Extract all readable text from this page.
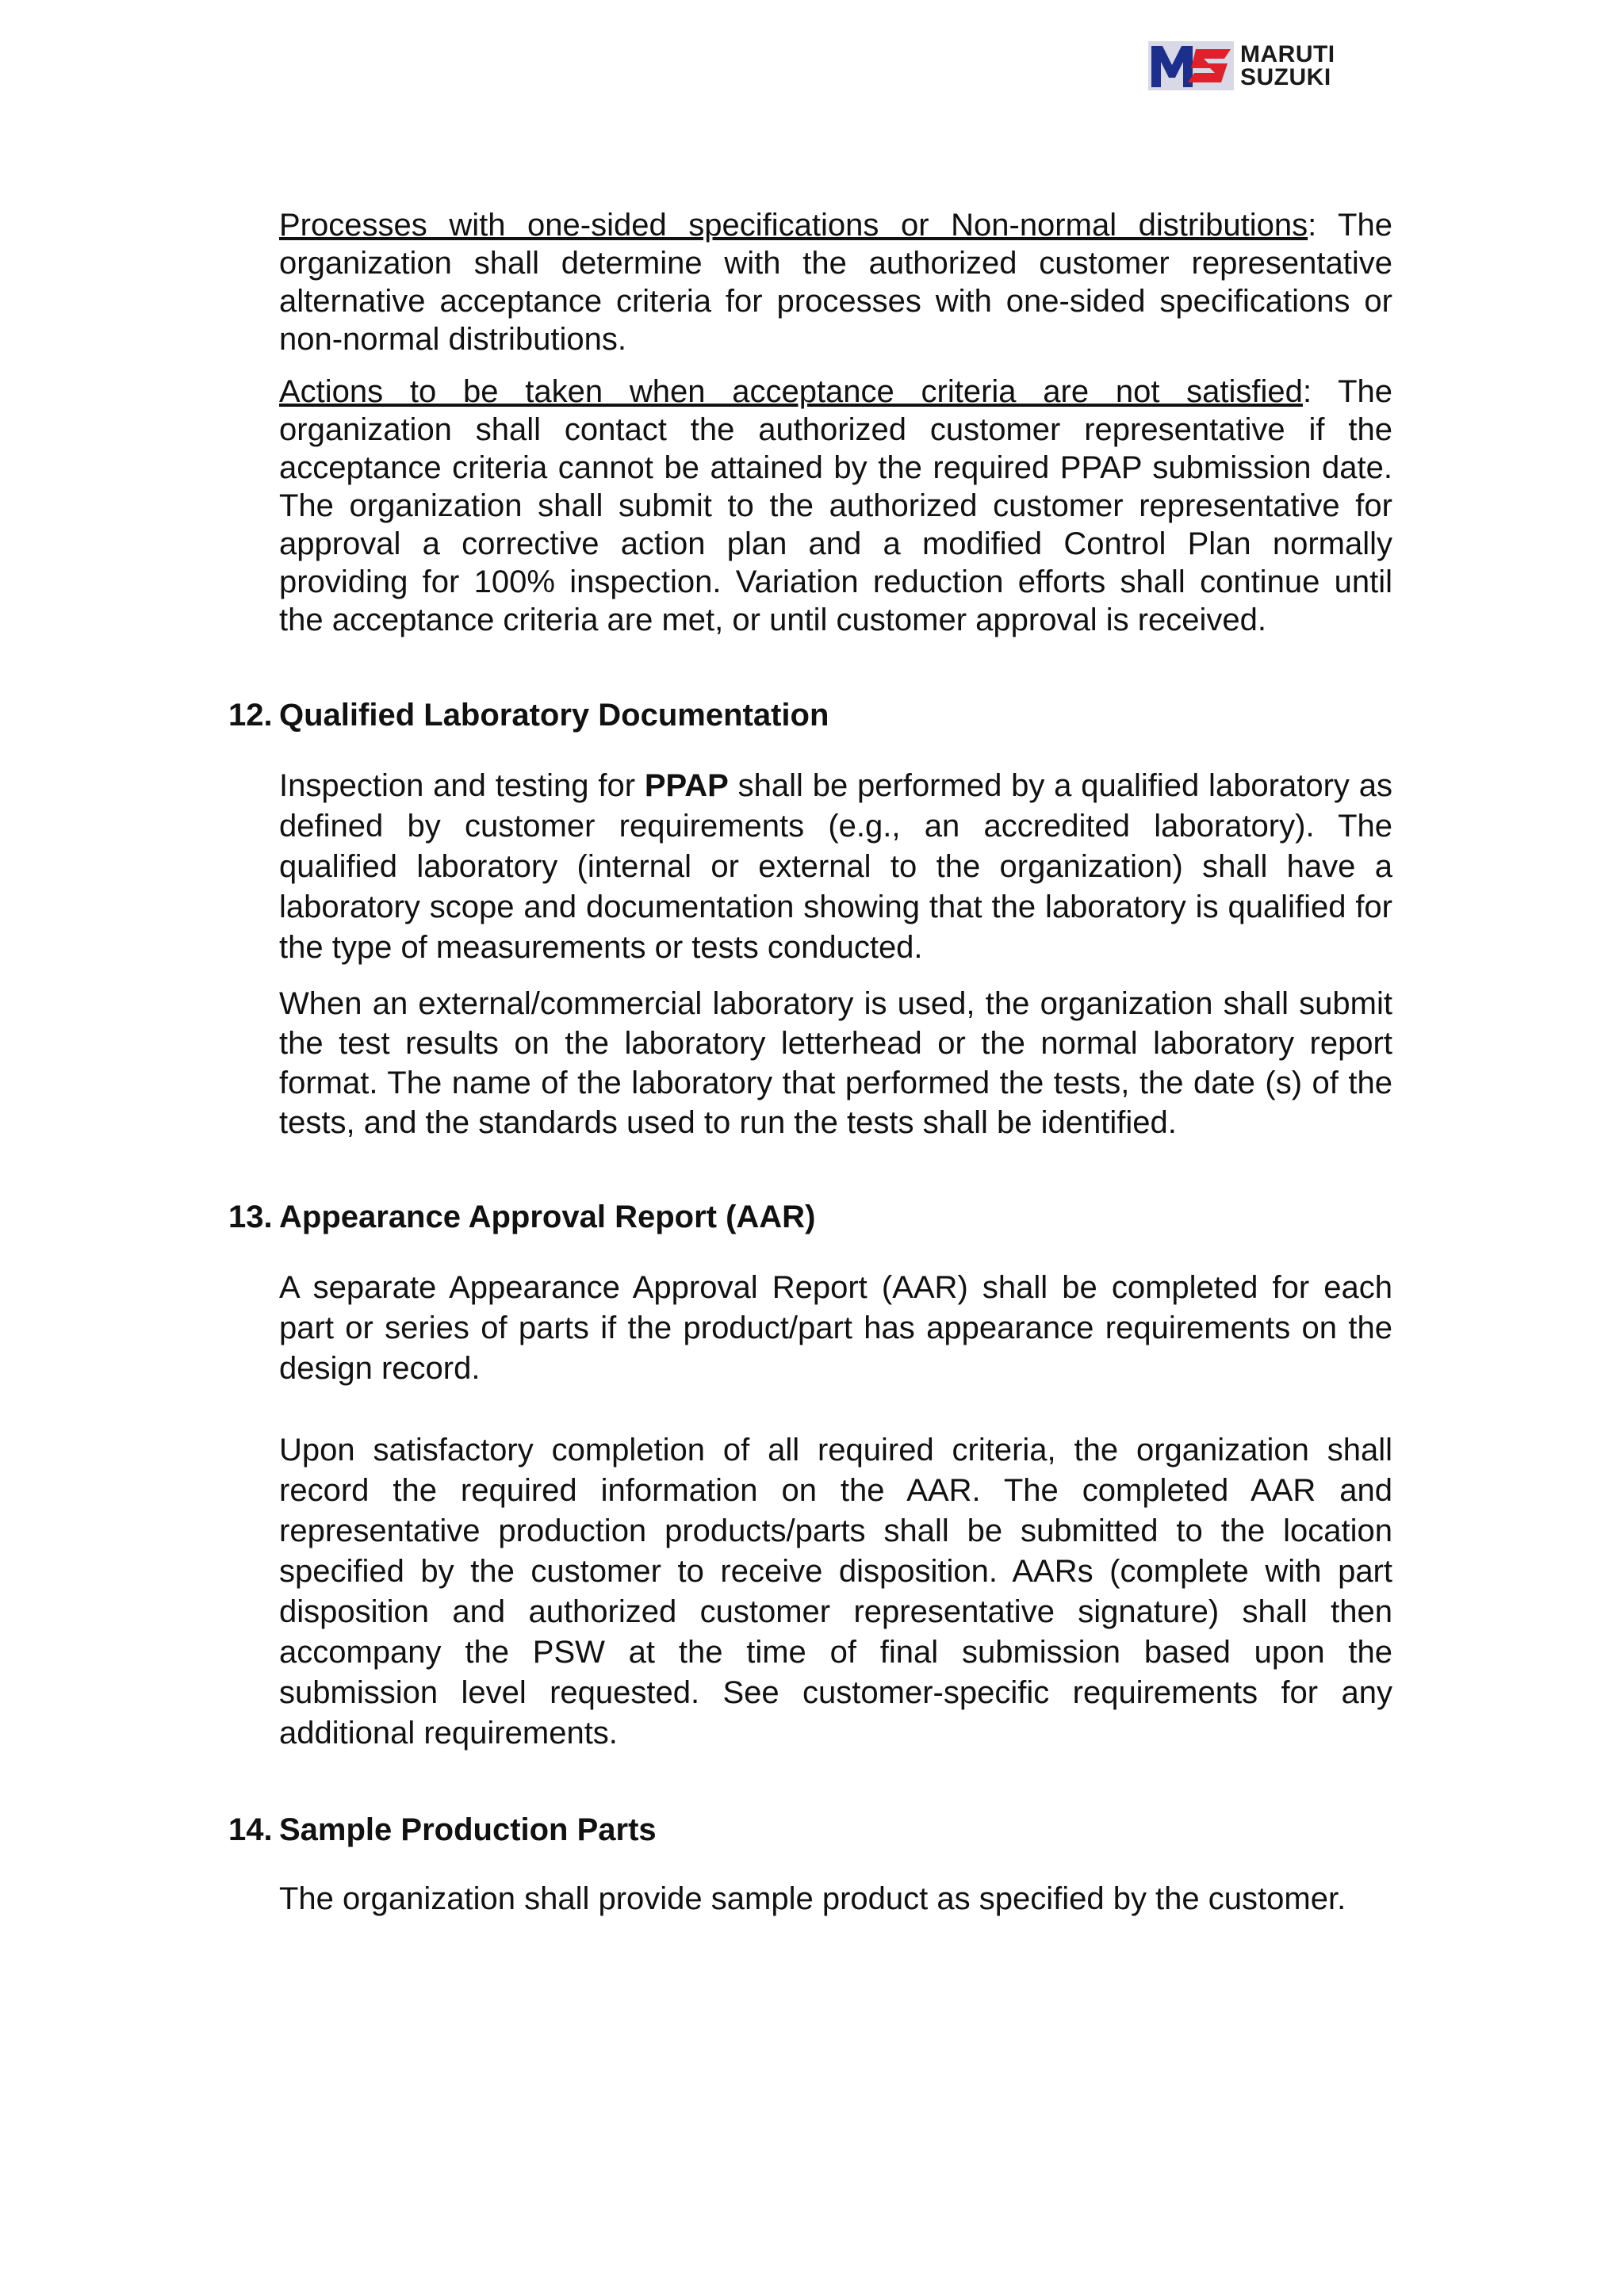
MARUTI
SUZUKI

Processes with one-sided specifications or Non-normal distributions: The organization shall determine with the authorized customer representative alternative acceptance criteria for processes with one-sided specifications or non-normal distributions.

Actions to be taken when acceptance criteria are not satisfied: The organization shall contact the authorized customer representative if the acceptance criteria cannot be attained by the required PPAP submission date. The organization shall submit to the authorized customer representative for approval a corrective action plan and a modified Control Plan normally providing for 100% inspection. Variation reduction efforts shall continue until the acceptance criteria are met, or until customer approval is received.

12. Qualified Laboratory Documentation

Inspection and testing for PPAP shall be performed by a qualified laboratory as defined by customer requirements (e.g., an accredited laboratory). The qualified laboratory (internal or external to the organization) shall have a laboratory scope and documentation showing that the laboratory is qualified for the type of measurements or tests conducted.

When an external/commercial laboratory is used, the organization shall submit the test results on the laboratory letterhead or the normal laboratory report format. The name of the laboratory that performed the tests, the date (s) of the tests, and the standards used to run the tests shall be identified.

13. Appearance Approval Report (AAR)

A separate Appearance Approval Report (AAR) shall be completed for each part or series of parts if the product/part has appearance requirements on the design record.

Upon satisfactory completion of all required criteria, the organization shall record the required information on the AAR. The completed AAR and representative production products/parts shall be submitted to the location specified by the customer to receive disposition. AARs (complete with part disposition and authorized customer representative signature) shall then accompany the PSW at the time of final submission based upon the submission level requested. See customer-specific requirements for any additional requirements.

14. Sample Production Parts

The organization shall provide sample product as specified by the customer.
